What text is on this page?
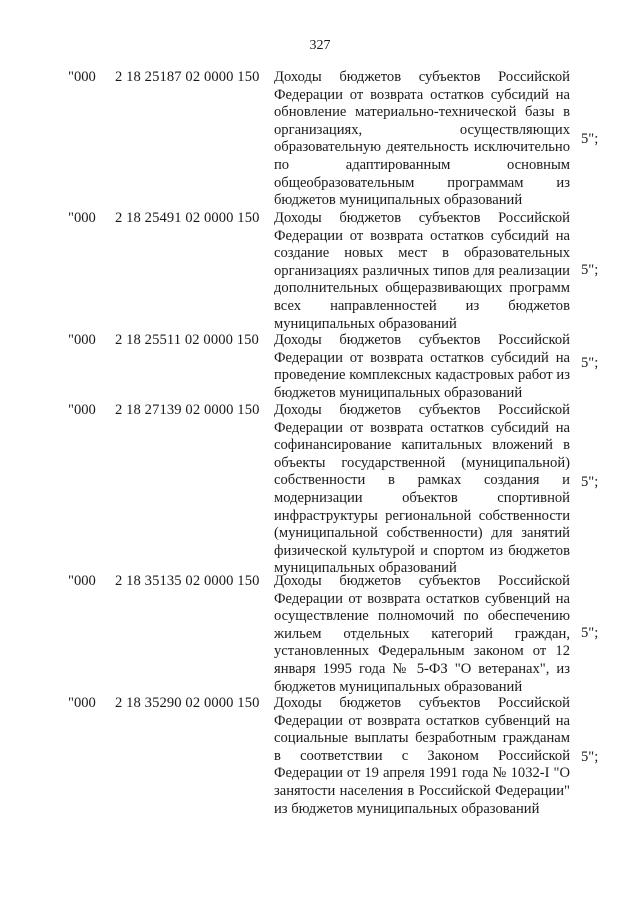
327
"000 2 18 25187 02 0000 150 Доходы бюджетов субъектов Российской Федерации от возврата остатков субсидий на обновление материально-технической базы в организациях, осуществляющих образовательную деятельность исключительно по адаптированным основным общеобразовательным программам из бюджетов муниципальных образований
5";
"000 2 18 25491 02 0000 150 Доходы бюджетов субъектов Российской Федерации от возврата остатков субсидий на создание новых мест в образовательных организациях различных типов для реализации дополнительных общеразвивающих программ всех направленностей из бюджетов муниципальных образований
5";
"000 2 18 25511 02 0000 150 Доходы бюджетов субъектов Российской Федерации от возврата остатков субсидий на проведение комплексных кадастровых работ из бюджетов муниципальных образований
5";
"000 2 18 27139 02 0000 150 Доходы бюджетов субъектов Российской Федерации от возврата остатков субсидий на софинансирование капитальных вложений в объекты государственной (муниципальной) собственности в рамках создания и модернизации объектов спортивной инфраструктуры региональной собственности (муниципальной собственности) для занятий физической культурой и спортом из бюджетов муниципальных образований
5";
"000 2 18 35135 02 0000 150 Доходы бюджетов субъектов Российской Федерации от возврата остатков субвенций на осуществление полномочий по обеспечению жильем отдельных категорий граждан, установленных Федеральным законом от 12 января 1995 года № 5-ФЗ "О ветеранах", из бюджетов муниципальных образований
5";
"000 2 18 35290 02 0000 150 Доходы бюджетов субъектов Российской Федерации от возврата остатков субвенций на социальные выплаты безработным гражданам в соответствии с Законом Российской Федерации от 19 апреля 1991 года № 1032-I "О занятости населения в Российской Федерации" из бюджетов муниципальных образований
5";
